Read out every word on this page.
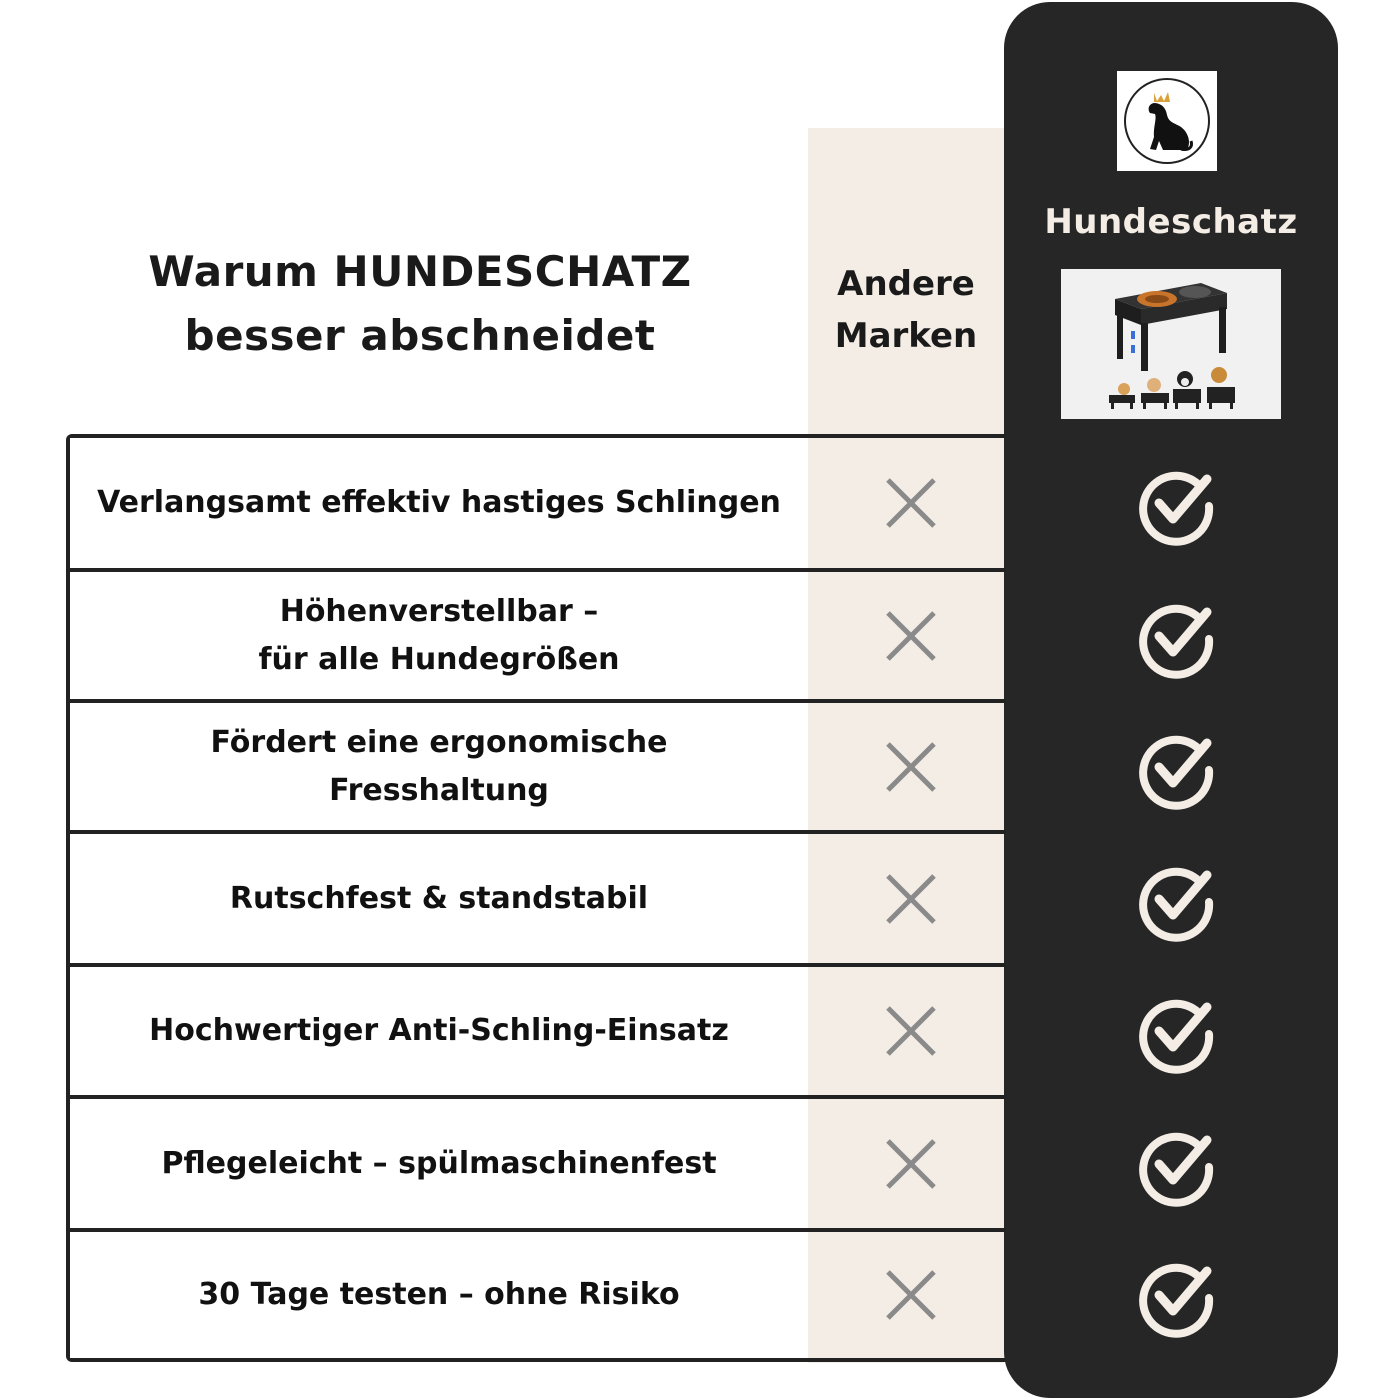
Warum HUNDESCHATZ
besser abschneidet
Andere
Marken
Hundeschatz
Verlangsamt effektiv hastiges Schlingen
Höhenverstellbar –
für alle Hundegrößen
Fördert eine ergonomische
Fresshaltung
Rutschfest & standstabil
Hochwertiger Anti-Schling-Einsatz
Pflegeleicht – spülmaschinenfest
30 Tage testen – ohne Risiko
